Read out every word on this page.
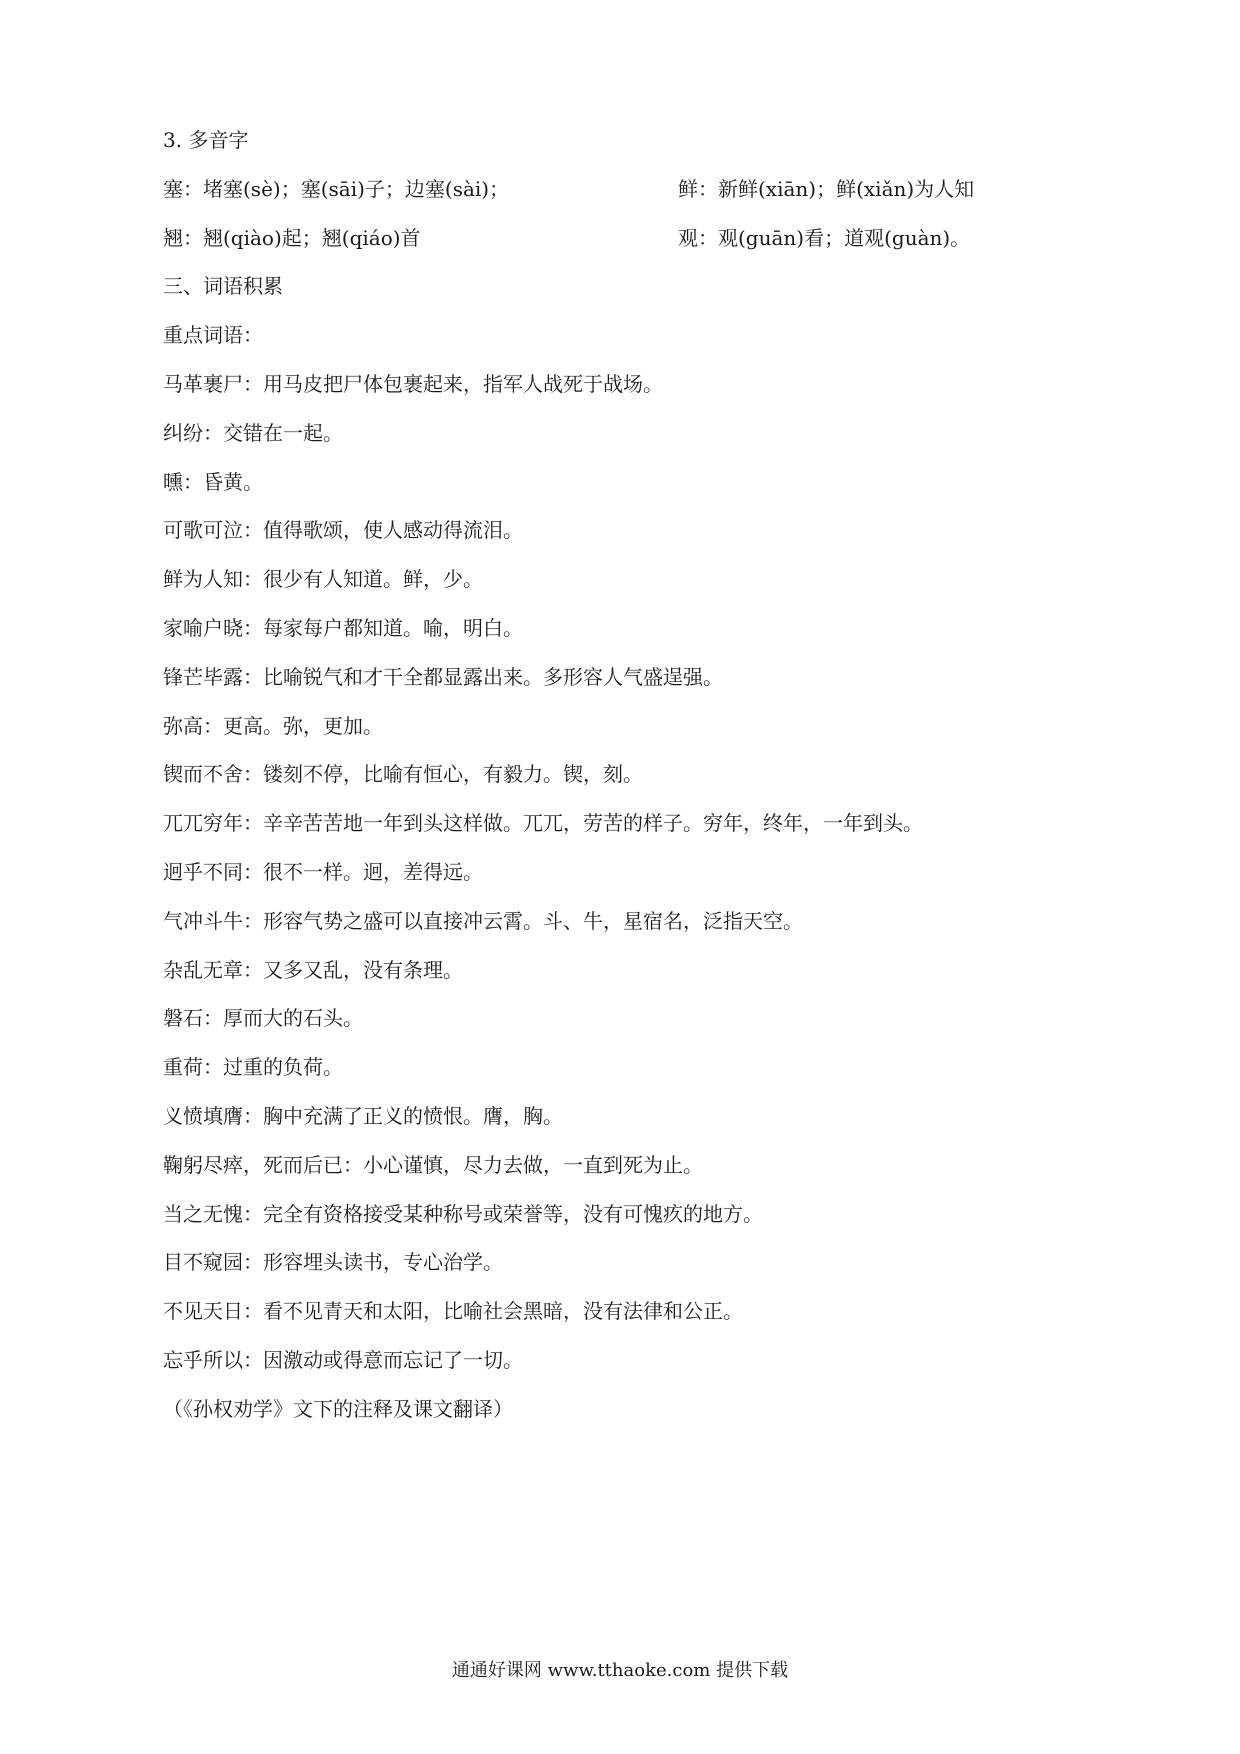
3. 多音字
塞：堵塞(sè)；塞(sāi)子；边塞(sài)；	鲜：新鲜(xiān)；鲜(xiǎn)为人知
翘：翘(qiào)起；翘(qiáo)首	观：观(guān)看；道观(guàn)。
三、词语积累
重点词语：
马革裹尸：用马皮把尸体包裹起来，指军人战死于战场。
纠纷：交错在一起。
曛：昏黄。
可歌可泣：值得歌颂，使人感动得流泪。
鲜为人知：很少有人知道。鲜，少。
家喻户晓：每家每户都知道。喻，明白。
锋芒毕露：比喻锐气和才干全都显露出来。多形容人气盛逞强。
弥高：更高。弥，更加。
锲而不舍：镂刻不停，比喻有恒心，有毅力。锲，刻。
兀兀穷年：辛辛苦苦地一年到头这样做。兀兀，劳苦的样子。穷年，终年，一年到头。
迥乎不同：很不一样。迥，差得远。
气冲斗牛：形容气势之盛可以直接冲云霄。斗、牛，星宿名，泛指天空。
杂乱无章：又多又乱，没有条理。
磐石：厚而大的石头。
重荷：过重的负荷。
义愤填膺：胸中充满了正义的愤恨。膺，胸。
鞠躬尽瘁，死而后已：小心谨慎，尽力去做，一直到死为止。
当之无愧：完全有资格接受某种称号或荣誉等，没有可愧疚的地方。
目不窥园：形容埋头读书，专心治学。
不见天日：看不见青天和太阳，比喻社会黑暗，没有法律和公正。
忘乎所以：因激动或得意而忘记了一切。
（《孙权劝学》文下的注释及课文翻译）
通通好课网 www.tthaoke.com 提供下载
